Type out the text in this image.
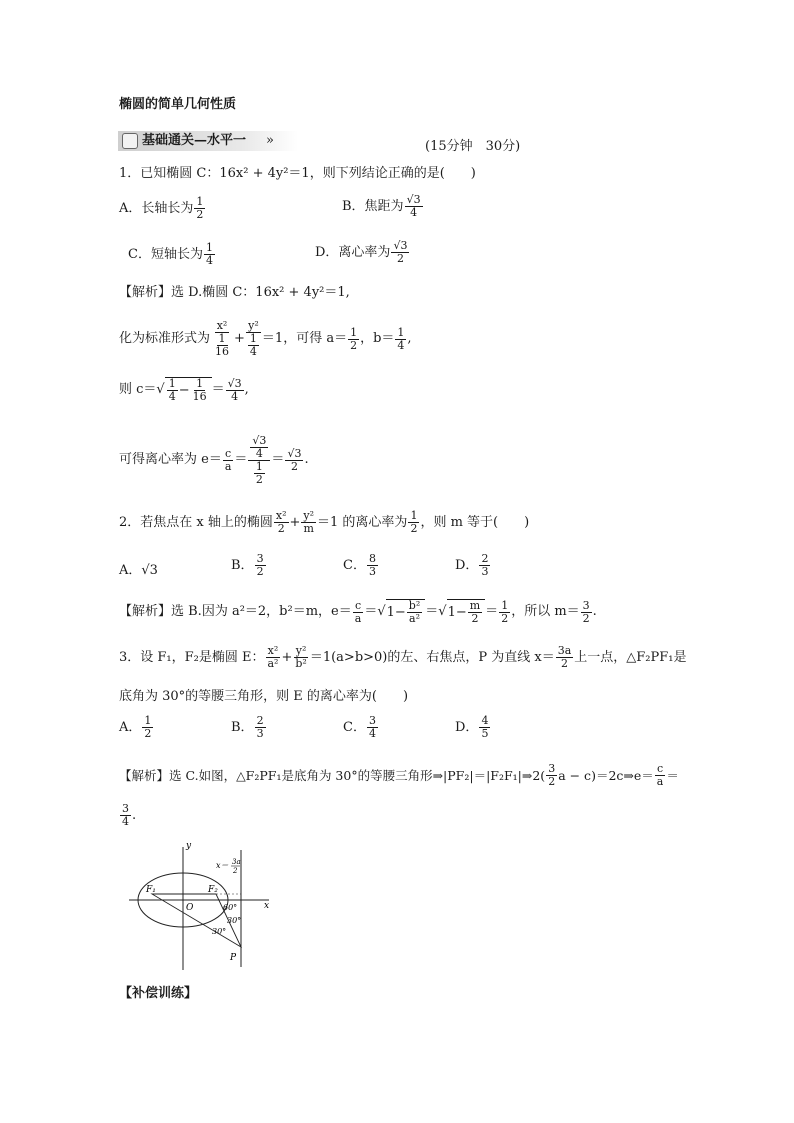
椭圆的简单几何性质
基础通关—水平一 »	(15分钟　30分)
1．已知椭圆 C：16x² + 4y²＝1，则下列结论正确的是(　　)
A．长轴长为 $\frac{1}{2}$	B．焦距为 $\frac{√3}{4}$
C．短轴长为 $\frac{1}{4}$	D．离心率为 $\frac{√3}{2}$
【解析】选 D.椭圆 C：16x² + 4y²＝1,
化为标准形式为 $\frac{\text{x²}}{\frac{1}{16}} + \frac{\text{y²}}{\frac{1}{4}} =1$，可得 $a= \frac{1}{2}$ ，$b= \frac{1}{4}$ ,
则 c＝ √ $\frac{1}{4} - \frac{1}{16} = \frac{√3}{4}$ ,
可得离心率为 $e= \frac{c}{a} = \frac{\frac{√3}{4}}{\frac{1}{2}} = \frac{√3}{2}$ .
2．若焦点在 x 轴上的椭圆 $\frac{\text{x²}}{2} + \frac{\text{y²}}{m} =1$ 的离心率为 $\frac{1}{2}$ ，则 m 等于(　　)
A．√3	B． $\frac{3}{2}$	C． $\frac{8}{3}$	D． $\frac{2}{3}$
【解析】选 B.因为 a²＝2，b²＝m，$e= \frac{c}{a}$ ＝ √ $1- \frac{\text{b²}}{\text{a²}}$ ＝ √ $1- \frac{m}{2} = \frac{1}{2}$ ，所以 $m= \frac{3}{2}$ .
3．设 F₁，F₂是椭圆 E： $\frac{\text{x²}}{\text{a²}} + \frac{\text{y²}}{\text{b²}} =1(a>b>0)$的左、右焦点，P 为直线 $x= \frac{3a}{2}$ 上一点，△F₂PF₁是
底角为 30°的等腰三角形，则 E 的离心率为(　　)
A． $\frac{1}{2}$	B． $\frac{2}{3}$	C． $\frac{3}{4}$	D． $\frac{4}{5}$
【解析】选 C.如图，△F₂PF₁是底角为 30°的等腰三角形⇒|PF₂|＝|F₂F₁|⇒2 ( $\frac{3}{2}$ a − c ) ＝2c⇒e＝ $\frac{c}{a}$ ＝
$\frac{3}{4}$ .
y
x
O
F₁	F₂
P
x＝ 3a
2
60°
30°
30°
【补偿训练】
